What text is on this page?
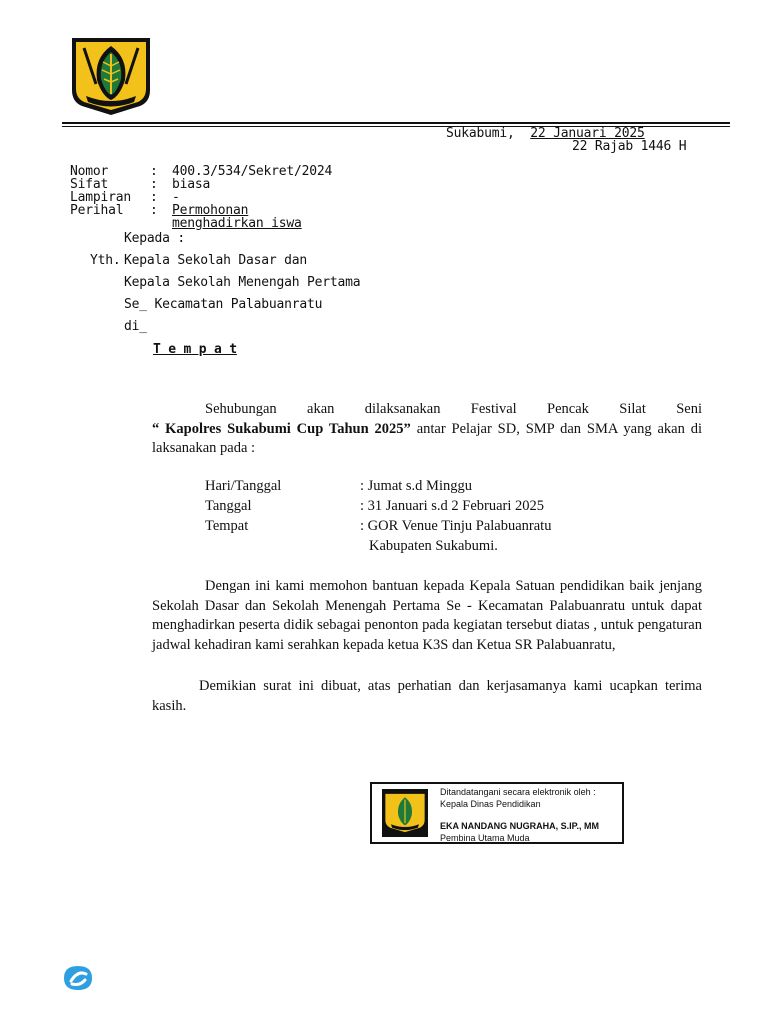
Sukabumi, 22 Januari 2025
22 Rajab 1446 H
Nomor	: 400.3/534/Sekret/2024
Sifat	: biasa
Lampiran : -
Perihal : Permohonan
menghadirkan iswa
Kepada :
Yth. Kepala Sekolah Dasar dan
Kepala Sekolah Menengah Pertama
Se_ Kecamatan Palabuanratu
di_
T e m p a t
Sehubungan akan dilaksanakan Festival Pencak Silat Seni
“ Kapolres Sukabumi Cup Tahun 2025” antar Pelajar SD, SMP dan SMA yang akan di laksanakan pada :
Hari/Tanggal	: Jumat s.d Minggu
Tanggal	: 31 Januari s.d 2 Februari 2025
Tempat	: GOR Venue Tinju Palabuanratu
Kabupaten Sukabumi.
Dengan ini kami memohon bantuan kepada Kepala Satuan pendidikan baik jenjang Sekolah Dasar dan Sekolah Menengah Pertama Se - Kecamatan Palabuanratu untuk dapat menghadirkan peserta didik sebagai penonton pada kegiatan tersebut diatas , untuk pengaturan jadwal kehadiran kami serahkan kepada ketua K3S dan Ketua SR Palabuanratu,
Demikian surat ini dibuat, atas perhatian dan kerjasamanya kami ucapkan terima kasih.
Ditandatangani secara elektronik oleh :
Kepala Dinas Pendidikan
EKA NANDANG NUGRAHA, S.IP., MM
Pembina Utama Muda
